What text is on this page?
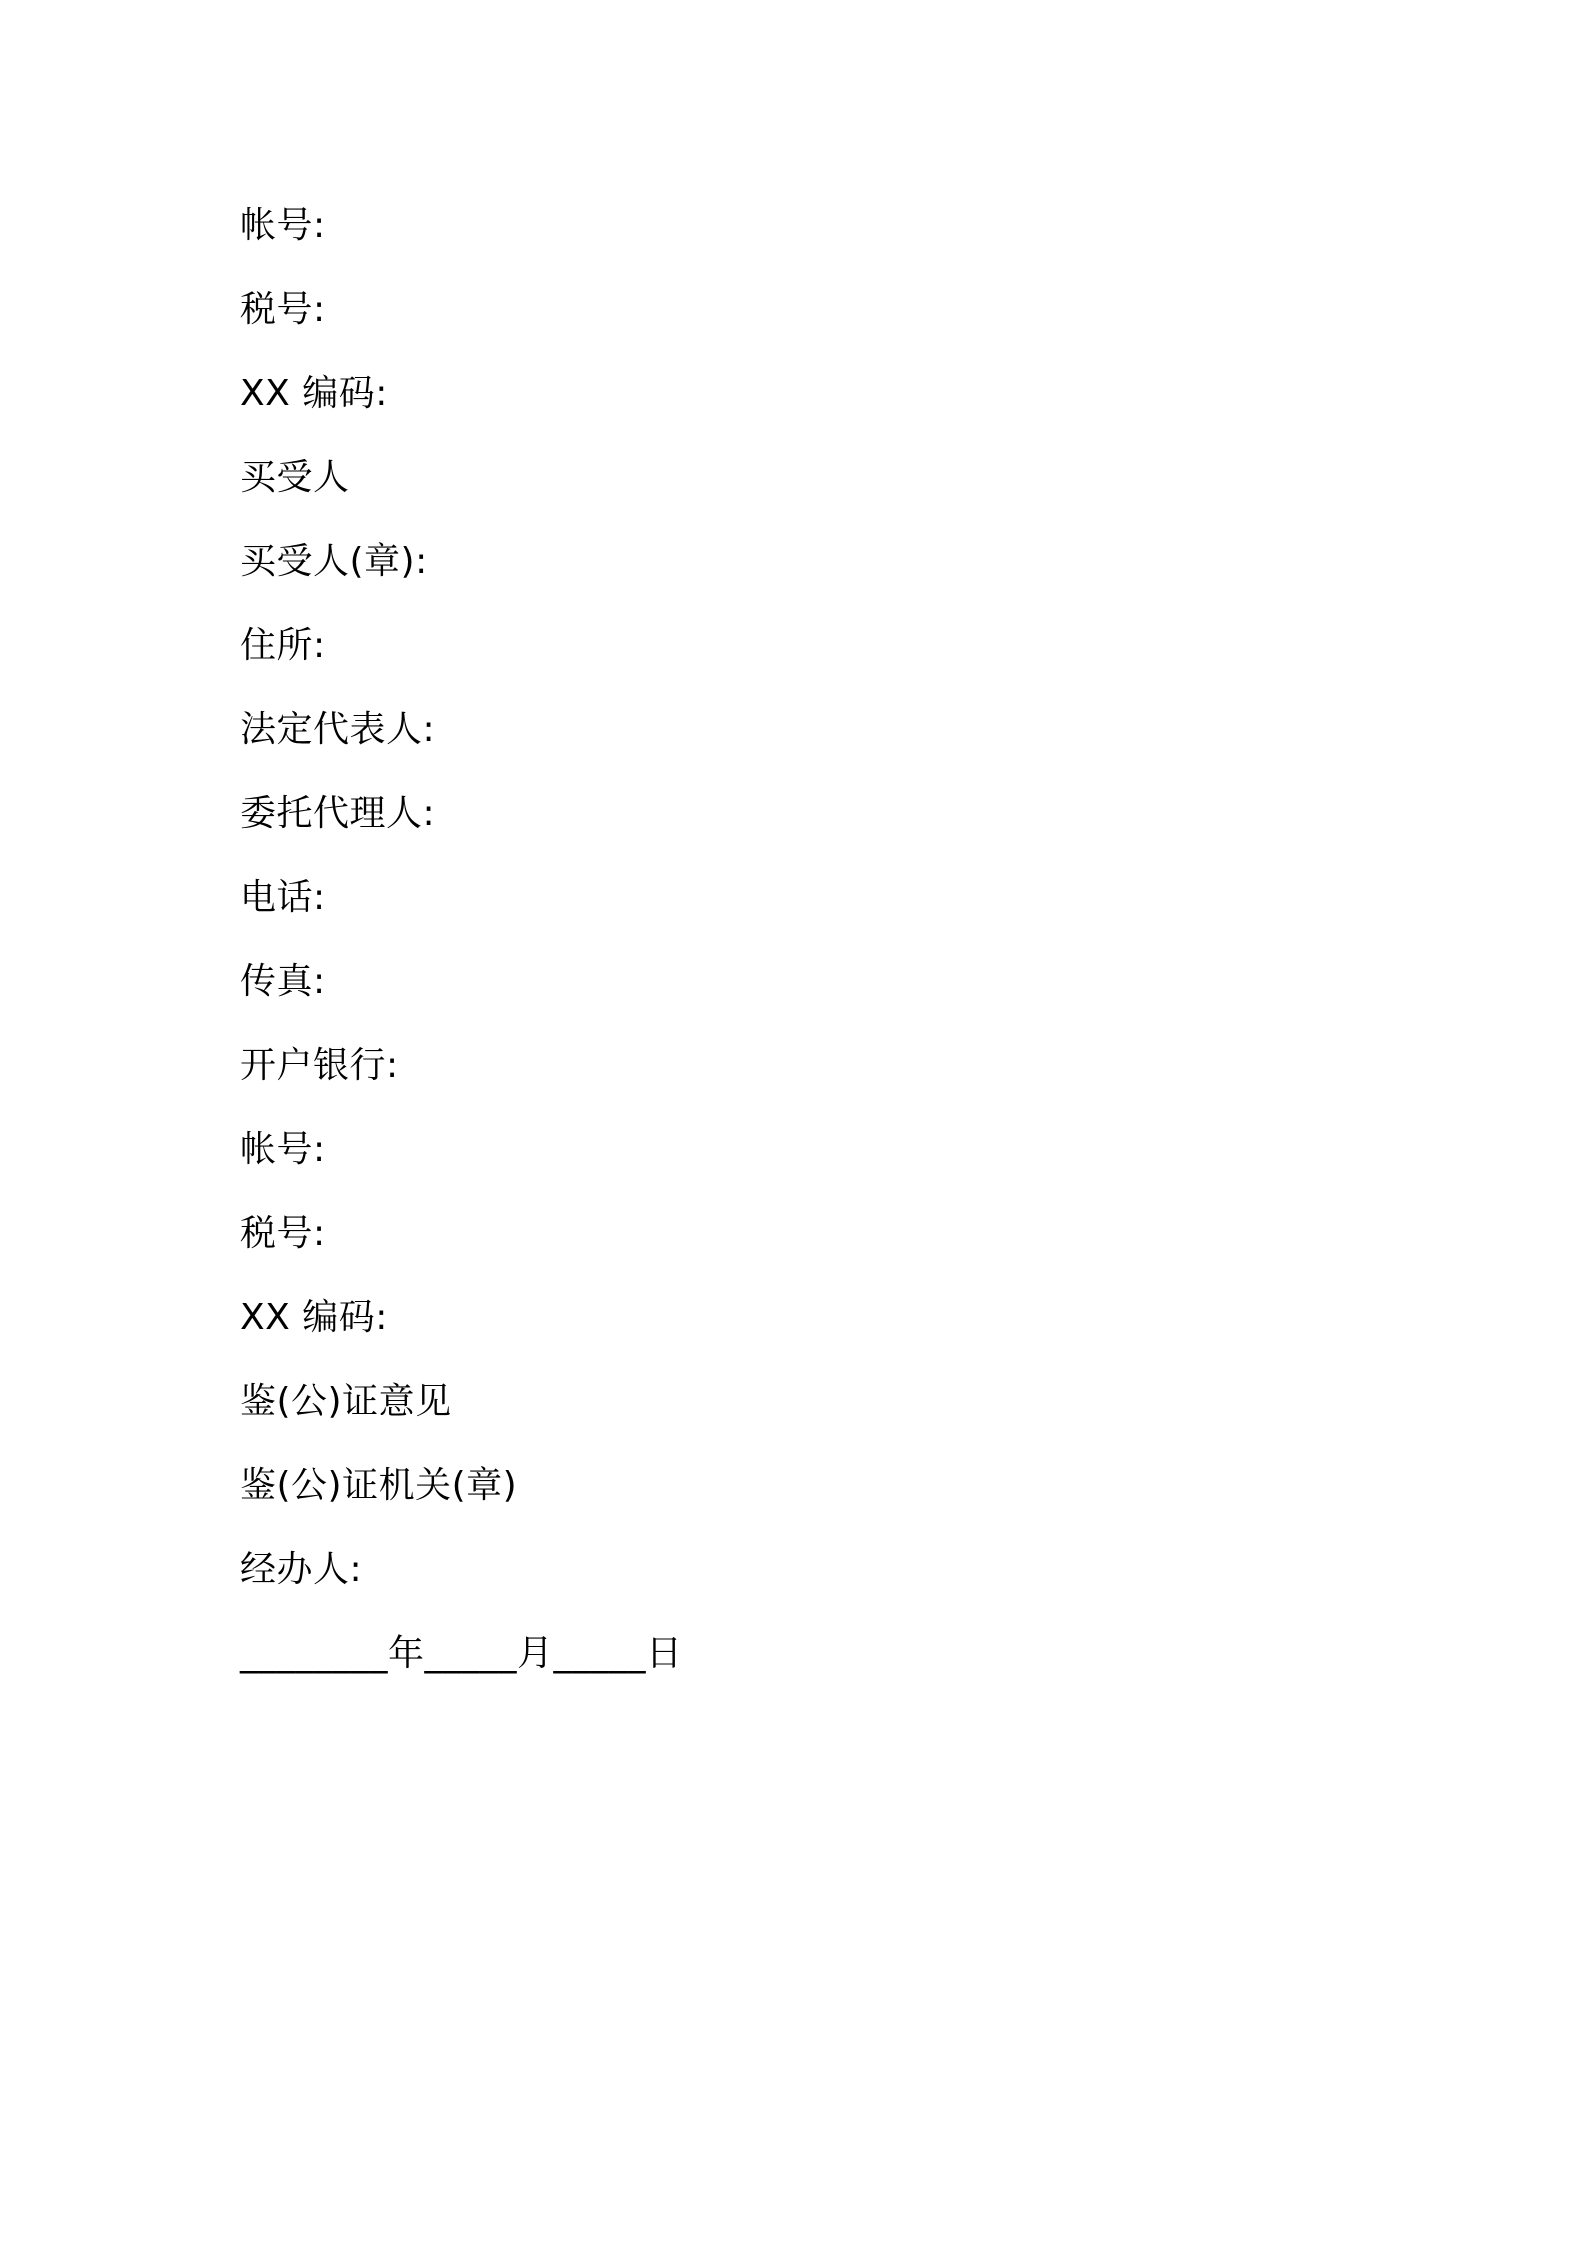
帐号:
税号:
XX 编码:
买受人
买受人(章):
住所:
法定代表人:
委托代理人:
电话:
传真:
开户银行:
帐号:
税号:
XX 编码:
鉴(公)证意见
鉴(公)证机关(章)
经办人:
________年_____月_____日
